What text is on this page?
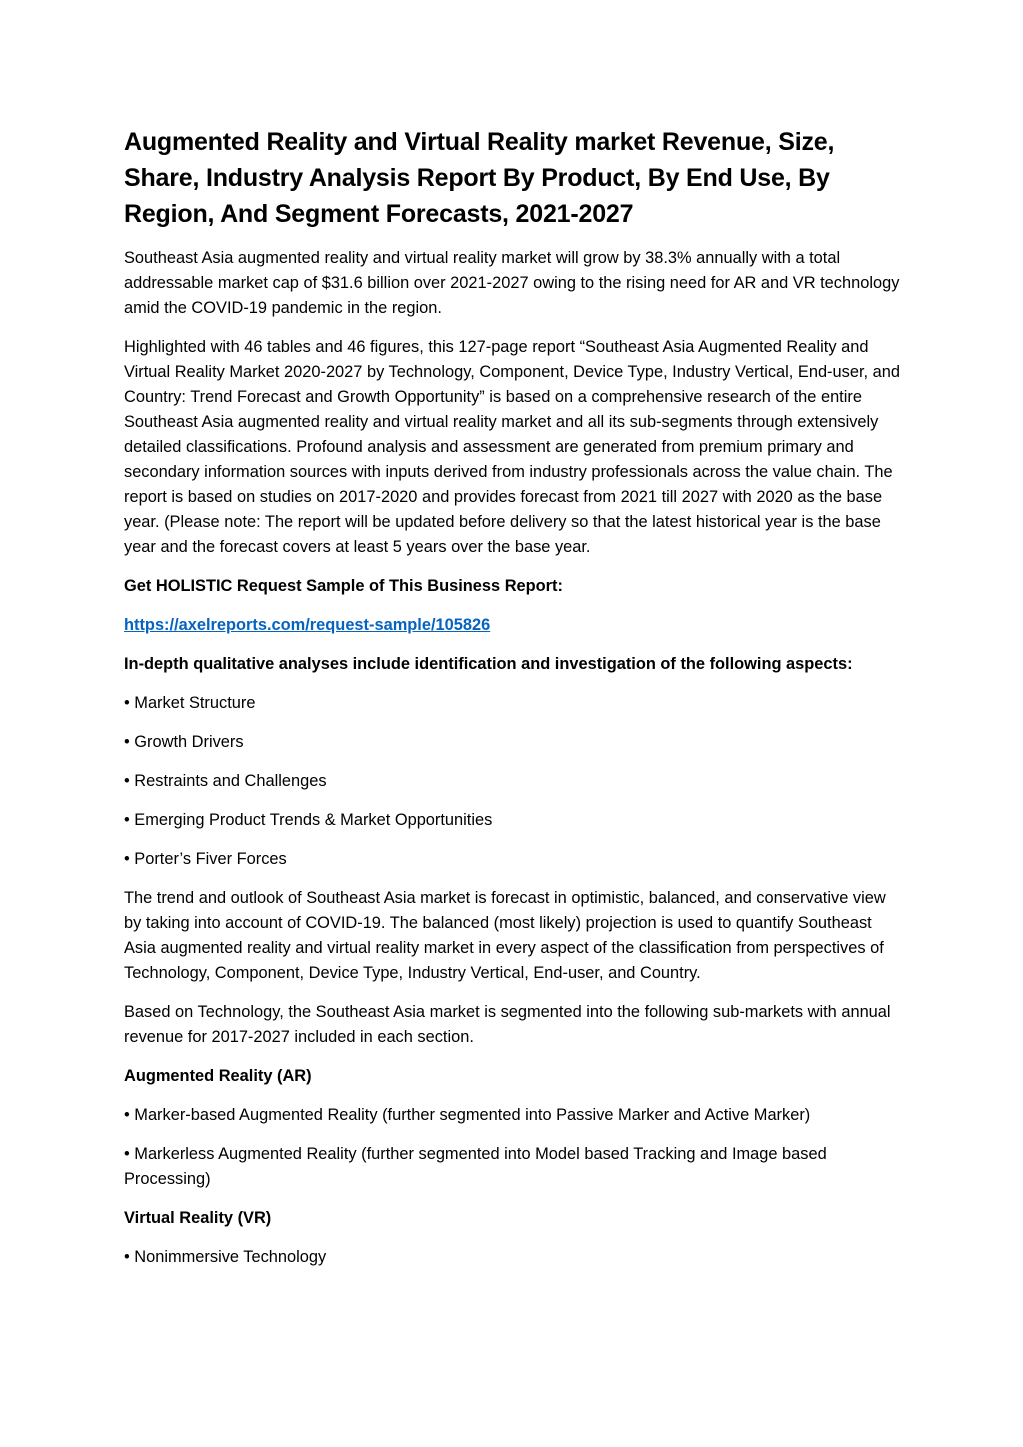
Augmented Reality and Virtual Reality market Revenue, Size, Share, Industry Analysis Report By Product, By End Use, By Region, And Segment Forecasts, 2021-2027

Southeast Asia augmented reality and virtual reality market will grow by 38.3% annually with a total addressable market cap of $31.6 billion over 2021-2027 owing to the rising need for AR and VR technology amid the COVID-19 pandemic in the region.

Highlighted with 46 tables and 46 figures, this 127-page report “Southeast Asia Augmented Reality and Virtual Reality Market 2020-2027 by Technology, Component, Device Type, Industry Vertical, End-user, and Country: Trend Forecast and Growth Opportunity” is based on a comprehensive research of the entire Southeast Asia augmented reality and virtual reality market and all its sub-segments through extensively detailed classifications. Profound analysis and assessment are generated from premium primary and secondary information sources with inputs derived from industry professionals across the value chain. The report is based on studies on 2017-2020 and provides forecast from 2021 till 2027 with 2020 as the base year. (Please note: The report will be updated before delivery so that the latest historical year is the base year and the forecast covers at least 5 years over the base year.

Get HOLISTIC Request Sample of This Business Report:

https://axelreports.com/request-sample/105826

In-depth qualitative analyses include identification and investigation of the following aspects:

• Market Structure

• Growth Drivers

• Restraints and Challenges

• Emerging Product Trends & Market Opportunities

• Porter’s Fiver Forces

The trend and outlook of Southeast Asia market is forecast in optimistic, balanced, and conservative view by taking into account of COVID-19. The balanced (most likely) projection is used to quantify Southeast Asia augmented reality and virtual reality market in every aspect of the classification from perspectives of Technology, Component, Device Type, Industry Vertical, End-user, and Country.

Based on Technology, the Southeast Asia market is segmented into the following sub-markets with annual revenue for 2017-2027 included in each section.

Augmented Reality (AR)

• Marker-based Augmented Reality (further segmented into Passive Marker and Active Marker)

• Markerless Augmented Reality (further segmented into Model based Tracking and Image based Processing)

Virtual Reality (VR)

• Nonimmersive Technology
